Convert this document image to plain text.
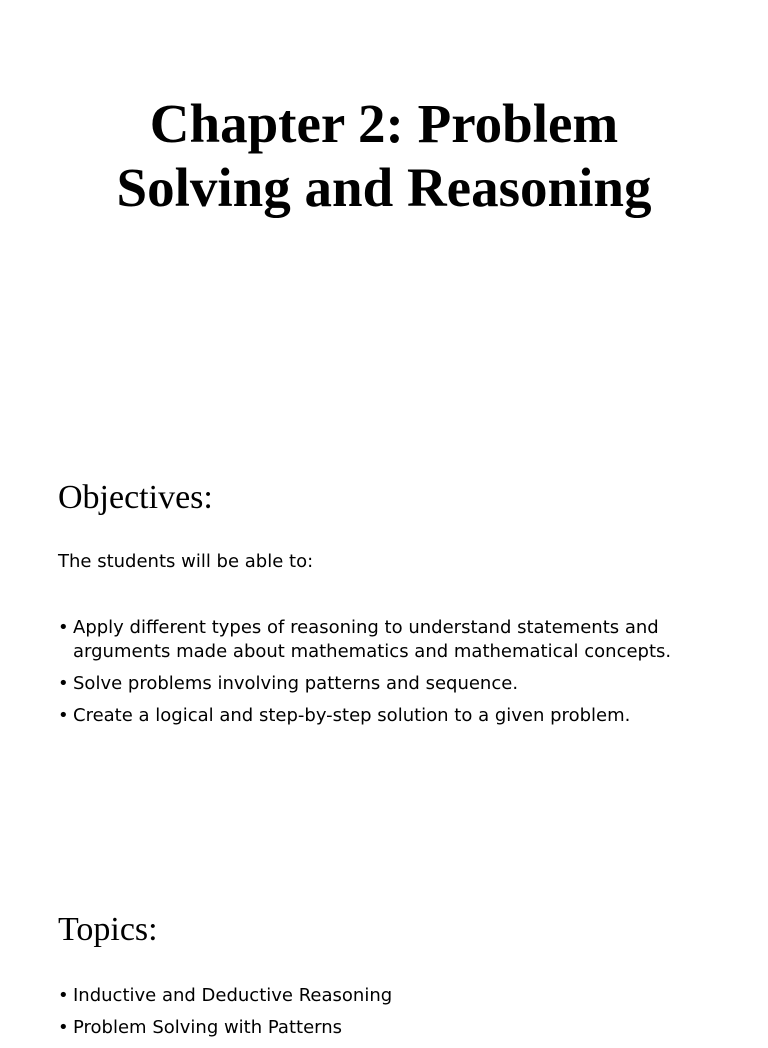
Chapter 2: Problem
Solving and Reasoning
Objectives:

The students will be able to:

• Apply different types of reasoning to understand statements and arguments made about mathematics and mathematical concepts.
• Solve problems involving patterns and sequence.
• Create a logical and step-by-step solution to a given problem.
Topics:
• Inductive and Deductive Reasoning
• Problem Solving with Patterns
